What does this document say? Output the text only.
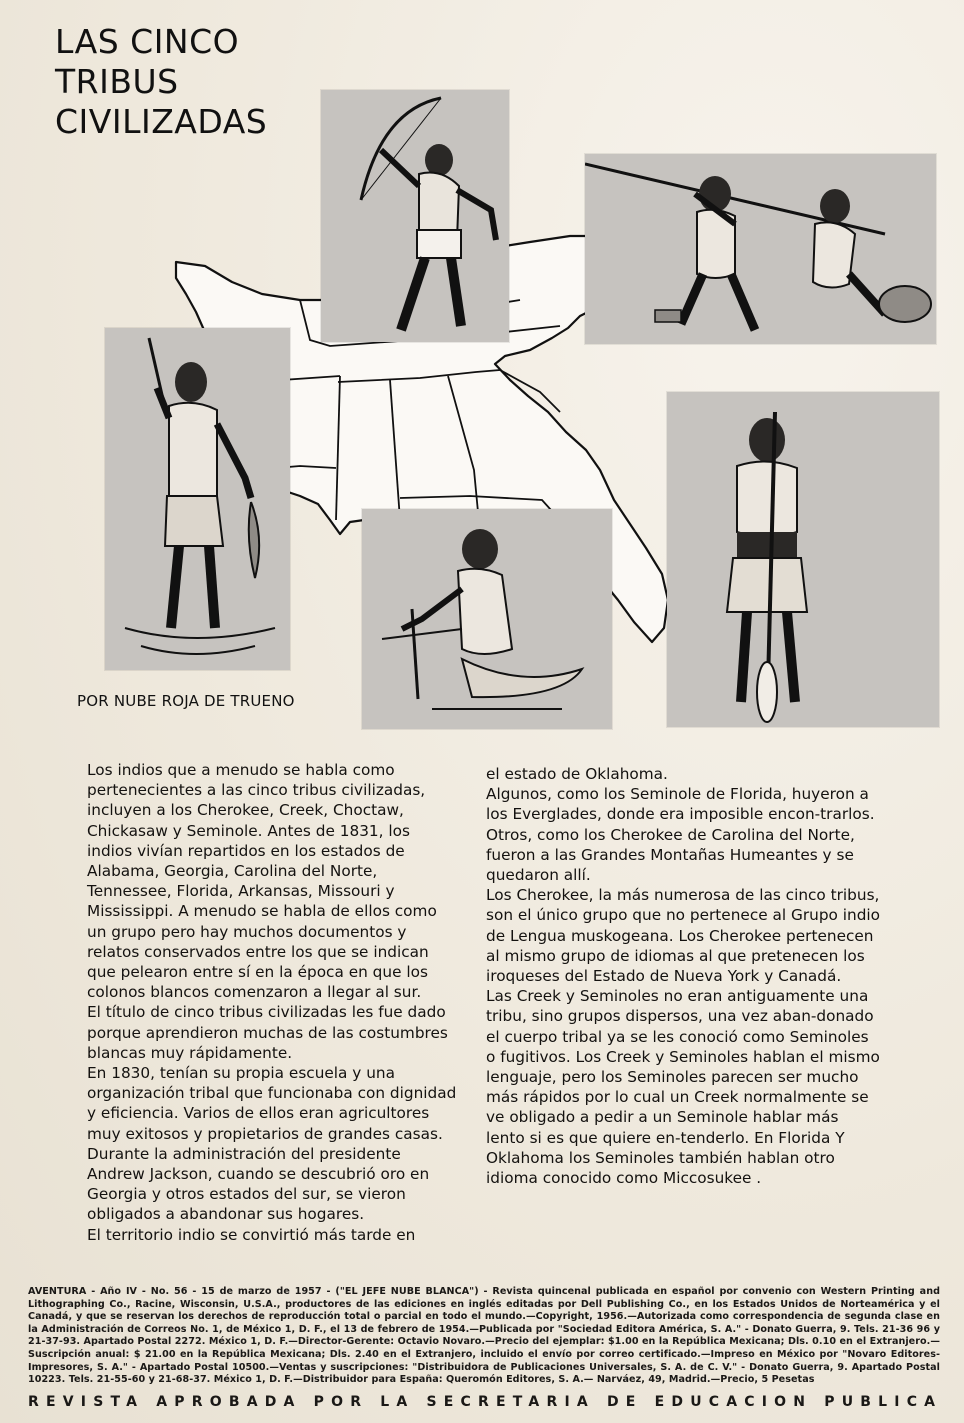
LAS CINCO
TRIBUS
CIVILIZADAS
POR NUBE ROJA DE TRUENO

Los indios que a menudo se habla como pertenecientes a las cinco tribus civilizadas, incluyen a los Cherokee, Creek, Choctaw, Chickasaw y Seminole. Antes de 1831, los indios vivían repartidos en los estados de Alabama, Georgia, Carolina del Norte, Tennessee, Florida, Arkansas, Missouri y Mississippi. A menudo se habla de ellos como un grupo pero hay muchos documentos y relatos conservados entre los que se indican que pelearon entre sí en la época en que los colonos blancos comenzaron a llegar al sur.

El título de cinco tribus civilizadas les fue dado porque aprendieron muchas de las costumbres blancas muy rápidamente.

En 1830, tenían su propia escuela y una organización tribal que funcionaba con dignidad y eficiencia. Varios de ellos eran agricultores muy exitosos y propietarios de grandes casas.

Durante la administración del presidente Andrew Jackson, cuando se descubrió oro en Georgia y otros estados del sur, se vieron obligados a abandonar sus hogares.

El territorio indio se convirtió más tarde en

el estado de Oklahoma.

Algunos, como los Seminole de Florida, huyeron a los Everglades, donde era imposible encon-trarlos.

Otros, como los Cherokee de Carolina del Norte, fueron a las Grandes Montañas Humeantes y se quedaron allí.

Los Cherokee, la más numerosa de las cinco tribus, son el único grupo que no pertenece al Grupo indio de Lengua muskogeana. Los Cherokee pertenecen al mismo grupo de idiomas al que pretenecen los iroqueses del Estado de Nueva York y Canadá.

Las Creek y Seminoles no eran antiguamente una tribu, sino grupos dispersos, una vez aban-donado el cuerpo tribal ya se les conoció como Seminoles o fugitivos. Los Creek y Seminoles hablan el mismo lenguaje, pero los Seminoles parecen ser mucho más rápidos por lo cual un Creek normalmente se ve obligado a pedir a un Seminole hablar más lento si es que quiere en-tenderlo. En Florida Y Oklahoma los Seminoles también hablan otro idioma conocido como Miccosukee .

AVENTURA - Año IV - No. 56 - 15 de marzo de 1957 - ("EL JEFE NUBE BLANCA") - Revista quincenal publicada en español por convenio con Western Printing and Lithographing Co., Racine, Wisconsin, U.S.A., productores de las ediciones en inglés editadas por Dell Publishing Co., en los Estados Unidos de Norteamérica y el Canadá, y que se reservan los derechos de reproducción total o parcial en todo el mundo.—Copyright, 1956.—Autorizada como correspondencia de segunda clase en la Administración de Correos No. 1, de México 1, D. F., el 13 de febrero de 1954.—Publicada por "Sociedad Editora América, S. A." - Donato Guerra, 9. Tels. 21-36 96 y 21-37-93. Apartado Postal 2272. México 1, D. F.—Director-Gerente: Octavio Novaro.—Precio del ejemplar: $1.00 en la República Mexicana; Dls. 0.10 en el Extranjero.—Suscripción anual: $ 21.00 en la República Mexicana; Dls. 2.40 en el Extranjero, incluido el envío por correo certificado.—Impreso en México por "Novaro Editores-Impresores, S. A." - Apartado Postal 10500.—Ventas y suscripciones: "Distribuidora de Publicaciones Universales, S. A. de C. V." - Donato Guerra, 9. Apartado Postal 10223. Tels. 21-55-60 y 21-68-37. México 1, D. F.—Distribuidor para España: Queromón Editores, S. A.— Narváez, 49, Madrid.—Precio, 5 Pesetas
REVISTA APROBADA POR LA SECRETARIA DE EDUCACION PUBLICA
